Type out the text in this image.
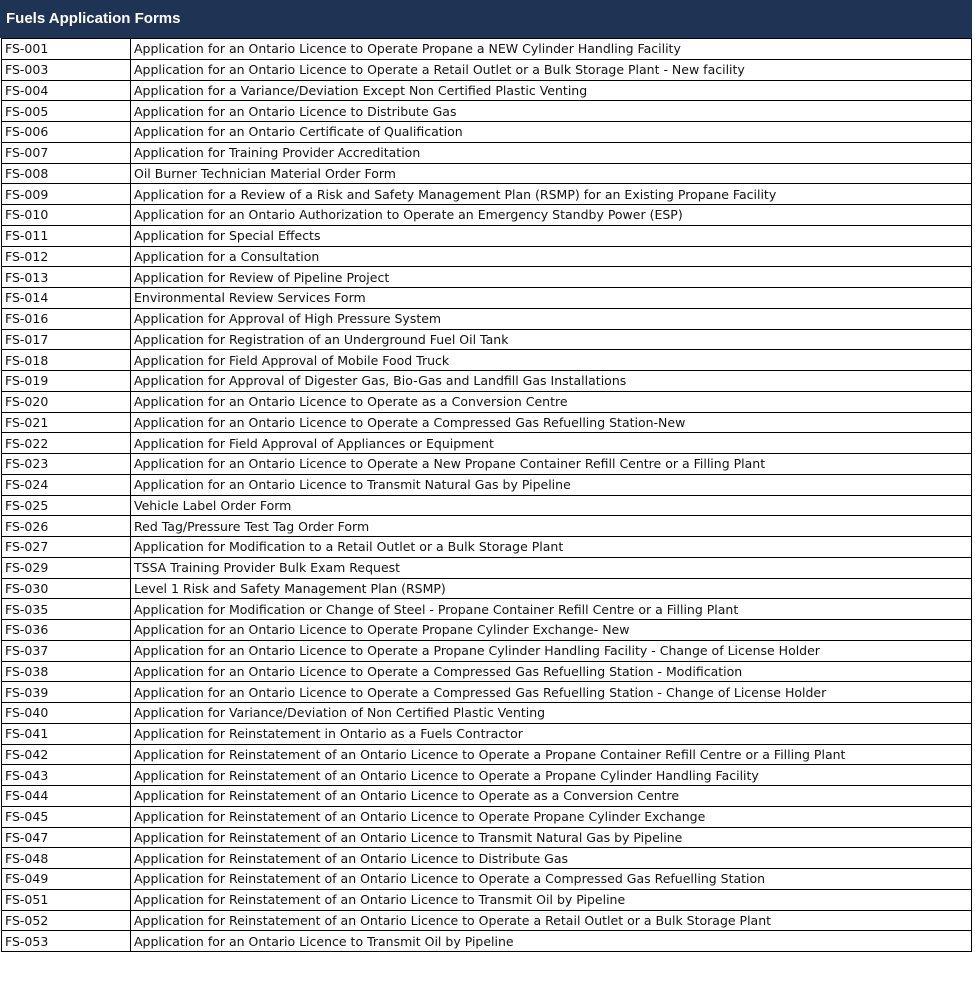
Fuels Application Forms
FS-001	Application for an Ontario Licence to Operate Propane a NEW Cylinder Handling Facility
FS-003	Application for an Ontario Licence to Operate a Retail Outlet or a Bulk Storage Plant - New facility
FS-004	Application for a Variance/Deviation Except Non Certified Plastic Venting
FS-005	Application for an Ontario Licence to Distribute Gas
FS-006	Application for an Ontario Certificate of Qualification
FS-007	Application for Training Provider Accreditation
FS-008	Oil Burner Technician Material Order Form
FS-009	Application for a Review of a Risk and Safety Management Plan (RSMP) for an Existing Propane Facility
FS-010	Application for an Ontario Authorization to Operate an Emergency Standby Power (ESP)
FS-011	Application for Special Effects
FS-012	Application for a Consultation
FS-013	Application for Review of Pipeline Project
FS-014	Environmental Review Services Form
FS-016	Application for Approval of High Pressure System
FS-017	Application for Registration of an Underground Fuel Oil Tank
FS-018	Application for Field Approval of Mobile Food Truck
FS-019	Application for Approval of Digester Gas, Bio-Gas and Landfill Gas Installations
FS-020	Application for an Ontario Licence to Operate as a Conversion Centre
FS-021	Application for an Ontario Licence to Operate a Compressed Gas Refuelling Station-New
FS-022	Application for Field Approval of Appliances or Equipment
FS-023	Application for an Ontario Licence to Operate a New Propane Container Refill Centre or a Filling Plant
FS-024	Application for an Ontario Licence to Transmit Natural Gas by Pipeline
FS-025	Vehicle Label Order Form
FS-026	Red Tag/Pressure Test Tag Order Form
FS-027	Application for Modification to a Retail Outlet or a Bulk Storage Plant
FS-029	TSSA Training Provider Bulk Exam Request
FS-030	Level 1 Risk and Safety Management Plan (RSMP)
FS-035	Application for Modification or Change of Steel - Propane Container Refill Centre or a Filling Plant
FS-036	Application for an Ontario Licence to Operate Propane Cylinder Exchange- New
FS-037	Application for an Ontario Licence to Operate a Propane Cylinder Handling Facility - Change of License Holder
FS-038	Application for an Ontario Licence to Operate a Compressed Gas Refuelling Station - Modification
FS-039	Application for an Ontario Licence to Operate a Compressed Gas Refuelling Station - Change of License Holder
FS-040	Application for Variance/Deviation of Non Certified Plastic Venting
FS-041	Application for Reinstatement in Ontario as a Fuels Contractor
FS-042	Application for Reinstatement of an Ontario Licence to Operate a Propane Container Refill Centre or a Filling Plant
FS-043	Application for Reinstatement of an Ontario Licence to Operate a Propane Cylinder Handling Facility
FS-044	Application for Reinstatement of an Ontario Licence to Operate as a Conversion Centre
FS-045	Application for Reinstatement of an Ontario Licence to Operate Propane Cylinder Exchange
FS-047	Application for Reinstatement of an Ontario Licence to Transmit Natural Gas by Pipeline
FS-048	Application for Reinstatement of an Ontario Licence to Distribute Gas
FS-049	Application for Reinstatement of an Ontario Licence to Operate a Compressed Gas Refuelling Station
FS-051	Application for Reinstatement of an Ontario Licence to Transmit Oil by Pipeline
FS-052	Application for Reinstatement of an Ontario Licence to Operate a Retail Outlet or a Bulk Storage Plant
FS-053	Application for an Ontario Licence to Transmit Oil by Pipeline
